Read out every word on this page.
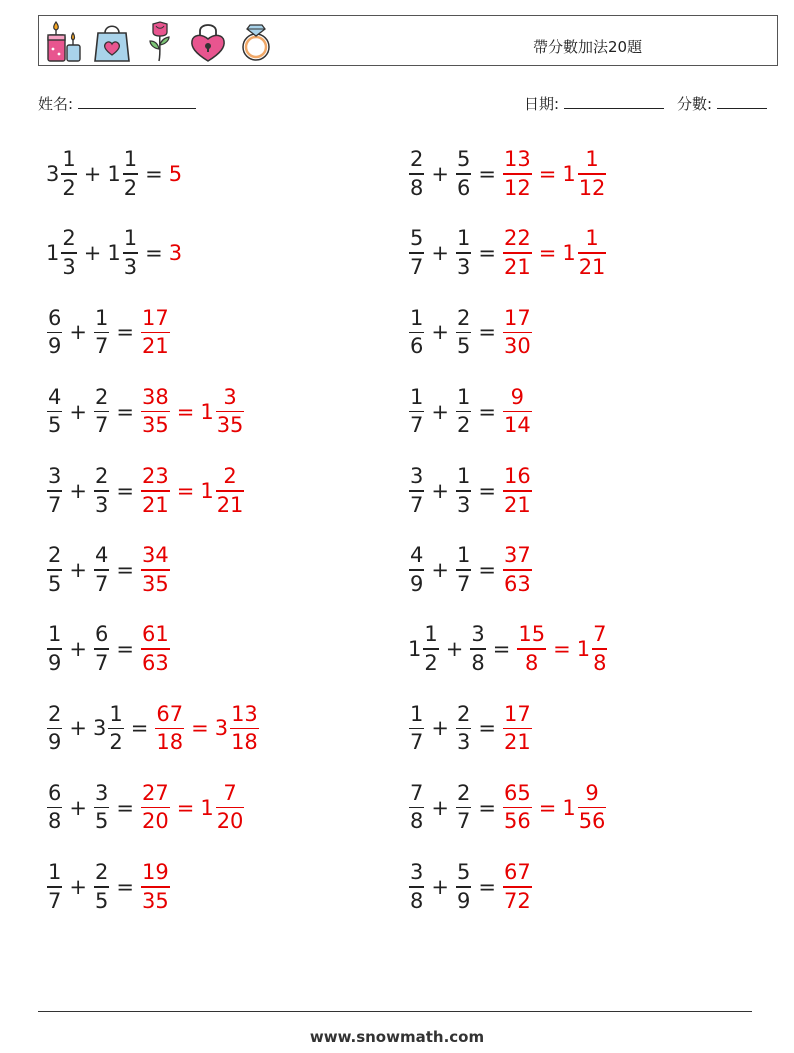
帶分數加法20題
姓名:	日期:	分數:
$3 \frac{1}{2} + 1 \frac{1}{2} = 5$	$\frac{2}{8} + \frac{5}{6} = \frac{13}{12} = 1 \frac{1}{12}$
$1 \frac{2}{3} + 1 \frac{1}{3} = 3$	$\frac{5}{7} + \frac{1}{3} = \frac{22}{21} = 1 \frac{1}{21}$
$\frac{6}{9} + \frac{1}{7} = \frac{17}{21}$	$\frac{1}{6} + \frac{2}{5} = \frac{17}{30}$
$\frac{4}{5} + \frac{2}{7} = \frac{38}{35} = 1 \frac{3}{35}$	$\frac{1}{7} + \frac{1}{2} = \frac{9}{14}$
$\frac{3}{7} + \frac{2}{3} = \frac{23}{21} = 1 \frac{2}{21}$	$\frac{3}{7} + \frac{1}{3} = \frac{16}{21}$
$\frac{2}{5} + \frac{4}{7} = \frac{34}{35}$	$\frac{4}{9} + \frac{1}{7} = \frac{37}{63}$
$\frac{1}{9} + \frac{6}{7} = \frac{61}{63}$	$1 \frac{1}{2} + \frac{3}{8} = \frac{15}{8} = 1 \frac{7}{8}$
$\frac{2}{9} + 3 \frac{1}{2} = \frac{67}{18} = 3 \frac{13}{18}$	$\frac{1}{7} + \frac{2}{3} = \frac{17}{21}$
$\frac{6}{8} + \frac{3}{5} = \frac{27}{20} = 1 \frac{7}{20}$	$\frac{7}{8} + \frac{2}{7} = \frac{65}{56} = 1 \frac{9}{56}$
$\frac{1}{7} + \frac{2}{5} = \frac{19}{35}$	$\frac{3}{8} + \frac{5}{9} = \frac{67}{72}$
www.snowmath.com
